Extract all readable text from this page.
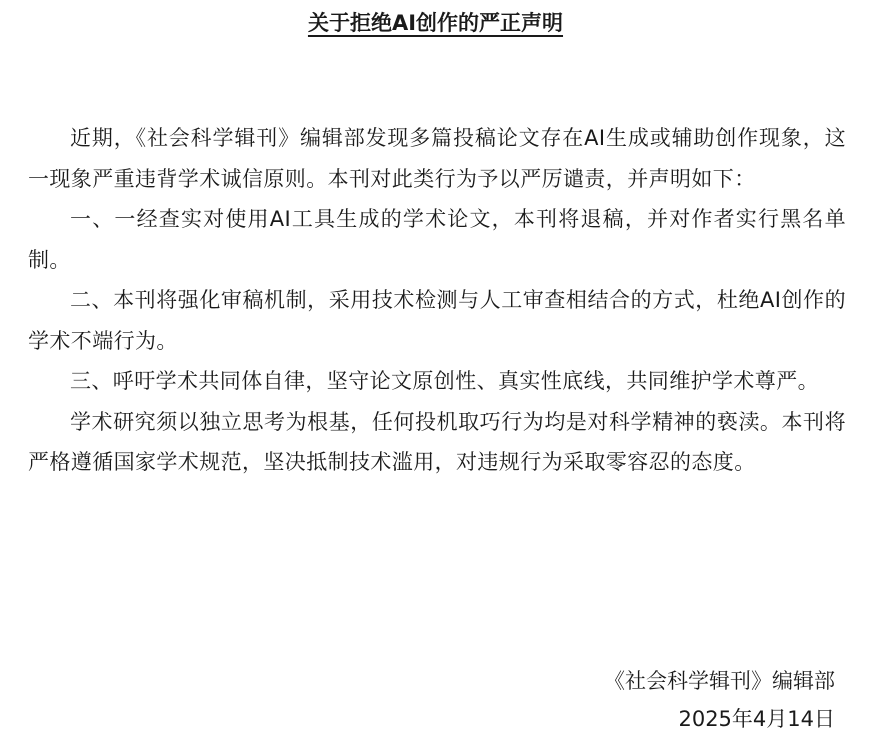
关于拒绝AI创作的严正声明

近期，《社会科学辑刊》编辑部发现多篇投稿论文存在AI生成或辅助创作现象，这一现象严重违背学术诚信原则。本刊对此类行为予以严厉谴责，并声明如下：

一、一经查实对使用AI工具生成的学术论文，本刊将退稿，并对作者实行黑名单制。

二、本刊将强化审稿机制，采用技术检测与人工审查相结合的方式，杜绝AI创作的学术不端行为。

三、呼吁学术共同体自律，坚守论文原创性、真实性底线，共同维护学术尊严。

学术研究须以独立思考为根基，任何投机取巧行为均是对科学精神的亵渎。本刊将严格遵循国家学术规范，坚决抵制技术滥用，对违规行为采取零容忍的态度。

《社会科学辑刊》编辑部
2025年4月14日
